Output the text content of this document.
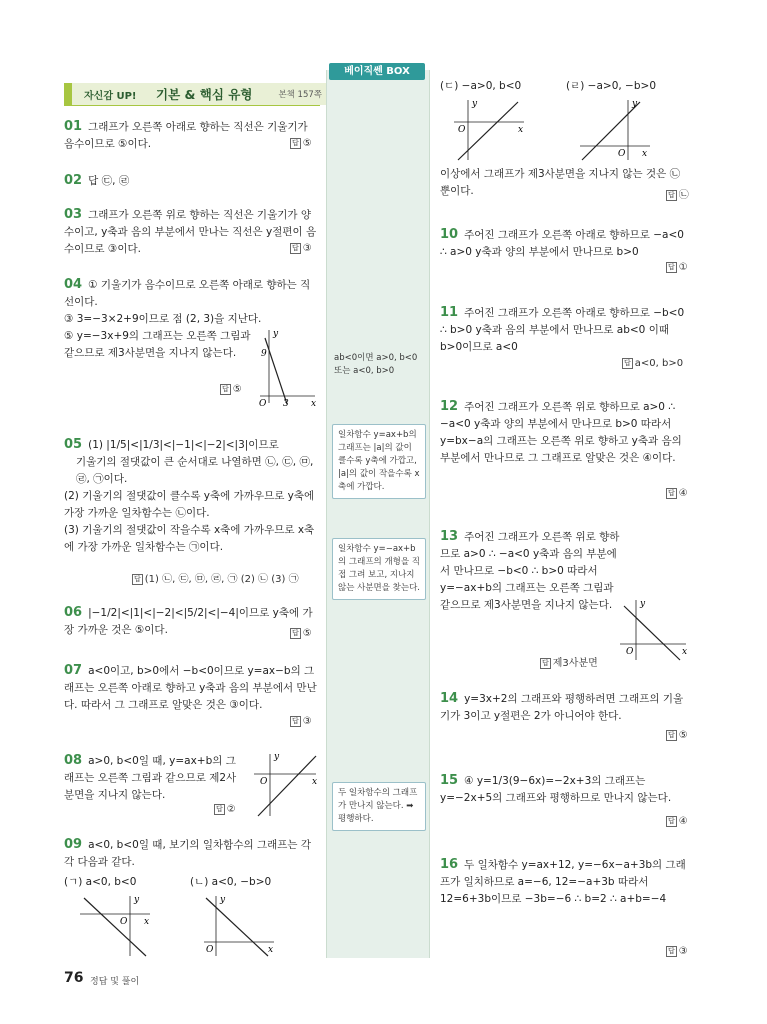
자신감 UP! 기본 & 핵심 유형	본책 157쪽
베이직쎈 BOX
ab<0이면 a>0, b<0 또는 a<0, b>0
일차함수 y=ax+b의 그래프는 |a|의 값이 클수록 y축에 가깝고, |a|의 값이 작을수록 x축에 가깝다.
일차함수 y=−ax+b의 그래프의 개형을 직접 그려 보고, 지나지 않는 사분면을 찾는다.
두 일차함수의 그래프가 만나지 않는다. ➡ 평행하다.
01 그래프가 오른쪽 아래로 향하는 직선은 기울기가 음수이므로 ⑤이다.	답 ⑤
02 답 ㉢, ㉣
03 그래프가 오른쪽 위로 향하는 직선은 기울기가 양수이고, y축과 음의 부분에서 만나는 직선은 y절편이 음수이므로 ③이다.	답 ③
04 ① 기울기가 음수이므로 오른쪽 아래로 향하는 직선이다.
③ 3=−3×2+9이므로 점 (2, 3)을 지난다.
⑤ y=−3x+9의 그래프는 오른쪽 그림과 같으므로 제3사분면을 지나지 않는다.
답 ⑤
y
x
O
9
3
05 (1) |1/5|<|1/3|<|−1|<|−2|<|3|이므로
기울기의 절댓값이 큰 순서대로 나열하면 ㉡, ㉢, ㉤, ㉣, ㉠이다.
(2) 기울기의 절댓값이 클수록 y축에 가까우므로 y축에 가장 가까운 일차함수는 ㉡이다.
(3) 기울기의 절댓값이 작을수록 x축에 가까우므로 x축에 가장 가까운 일차함수는 ㉠이다.
답 (1) ㉡, ㉢, ㉤, ㉣, ㉠ (2) ㉡ (3) ㉠
06 |−1/2|<|1|<|−2|<|5/2|<|−4|이므로 y축에 가장 가까운 것은 ⑤이다.	답 ⑤
07 a<0이고, b>0에서 −b<0이므로 y=ax−b의 그래프는 오른쪽 아래로 향하고 y축과 음의 부분에서 만난다. 따라서 그 그래프로 알맞은 것은 ③이다.
답 ③
08 a>0, b<0일 때, y=ax+b의 그래프는 오른쪽 그림과 같으므로 제2사분면을 지나지 않는다.
답 ②
y
x
O
09 a<0, b<0일 때, 보기의 일차함수의 그래프는 각각 다음과 같다.
(ㄱ) a<0, b<0	(ㄴ) a<0, −b>0
y
x
O
y
x
O
(ㄷ) −a>0, b<0	(ㄹ) −a>0, −b>0
y
x
O
y
x
O
이상에서 그래프가 제3사분면을 지나지 않는 것은 ㉡뿐이다.	답 ㉡
10 주어진 그래프가 오른쪽 아래로 향하므로 −a<0 ∴ a>0 y축과 양의 부분에서 만나므로 b>0
답 ①
11 주어진 그래프가 오른쪽 아래로 향하므로 −b<0 ∴ b>0 y축과 음의 부분에서 만나므로 ab<0 이때 b>0이므로 a<0
답 a<0, b>0
12 주어진 그래프가 오른쪽 위로 향하므로 a>0 ∴ −a<0 y축과 양의 부분에서 만나므로 b>0 따라서 y=bx−a의 그래프는 오른쪽 위로 향하고 y축과 음의 부분에서 만나므로 그 그래프로 알맞은 것은 ④이다.
답 ④
13 주어진 그래프가 오른쪽 위로 향하므로 a>0 ∴ −a<0 y축과 음의 부분에서 만나므로 −b<0 ∴ b>0 따라서 y=−ax+b의 그래프는 오른쪽 그림과 같으므로 제3사분면을 지나지 않는다.
답 제3사분면
y
x
O
14 y=3x+2의 그래프와 평행하려면 그래프의 기울기가 3이고 y절편은 2가 아니어야 한다.
답 ⑤
15 ④ y=1/3(9−6x)=−2x+3의 그래프는 y=−2x+5의 그래프와 평행하므로 만나지 않는다.
답 ④
16 두 일차함수 y=ax+12, y=−6x−a+3b의 그래프가 일치하므로 a=−6, 12=−a+3b 따라서 12=6+3b이므로 −3b=−6 ∴ b=2 ∴ a+b=−4
답 ③
76 정답 및 풀이
